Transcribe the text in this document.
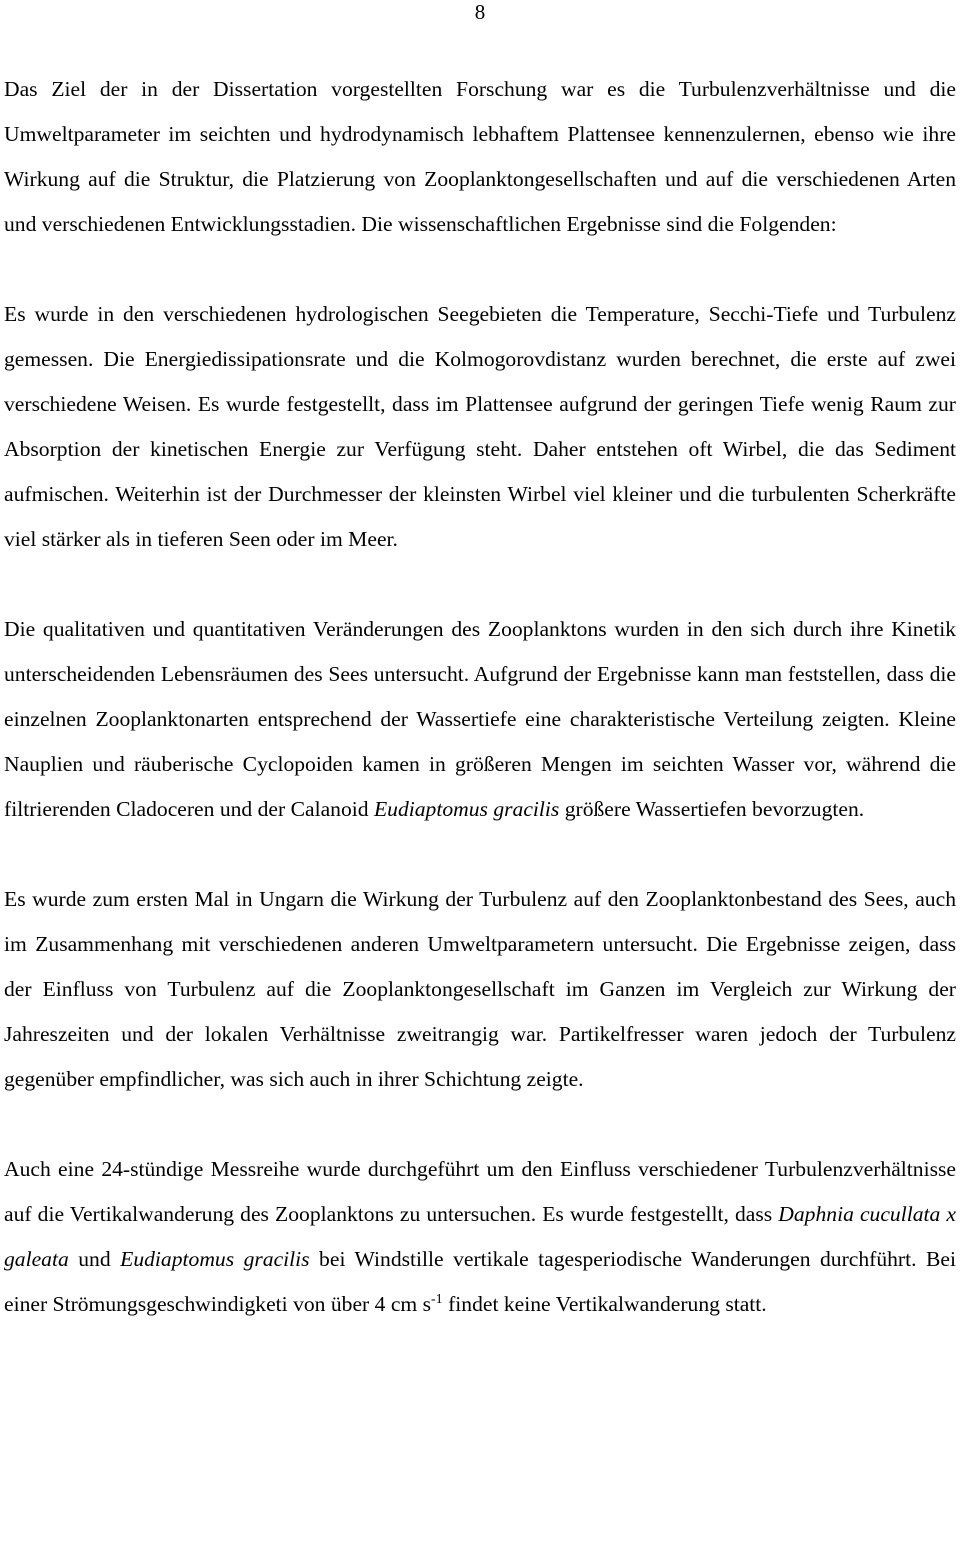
8

Das Ziel der in der Dissertation vorgestellten Forschung war es die Turbulenzverhältnisse und die Umweltparameter im seichten und hydrodynamisch lebhaftem Plattensee kennenzulernen, ebenso wie ihre Wirkung auf die Struktur, die Platzierung von Zooplanktongesellschaften und auf die verschiedenen Arten und verschiedenen Entwicklungsstadien. Die wissenschaftlichen Ergebnisse sind die Folgenden:

Es wurde in den verschiedenen hydrologischen Seegebieten die Temperature, Secchi-Tiefe und Turbulenz gemessen. Die Energiedissipationsrate und die Kolmogorovdistanz wurden berechnet, die erste auf zwei verschiedene Weisen. Es wurde festgestellt, dass im Plattensee aufgrund der geringen Tiefe wenig Raum zur Absorption der kinetischen Energie zur Verfügung steht. Daher entstehen oft Wirbel, die das Sediment aufmischen. Weiterhin ist der Durchmesser der kleinsten Wirbel viel kleiner und die turbulenten Scherkräfte viel stärker als in tieferen Seen oder im Meer.

Die qualitativen und quantitativen Veränderungen des Zooplanktons wurden in den sich durch ihre Kinetik unterscheidenden Lebensräumen des Sees untersucht. Aufgrund der Ergebnisse kann man feststellen, dass die einzelnen Zooplanktonarten entsprechend der Wassertiefe eine charakteristische Verteilung zeigten. Kleine Nauplien und räuberische Cyclopoiden kamen in größeren Mengen im seichten Wasser vor, während die filtrierenden Cladoceren und der Calanoid Eudiaptomus gracilis größere Wassertiefen bevorzugten.

Es wurde zum ersten Mal in Ungarn die Wirkung der Turbulenz auf den Zooplanktonbestand des Sees, auch im Zusammenhang mit verschiedenen anderen Umweltparametern untersucht. Die Ergebnisse zeigen, dass der Einfluss von Turbulenz auf die Zooplanktongesellschaft im Ganzen im Vergleich zur Wirkung der Jahreszeiten und der lokalen Verhältnisse zweitrangig war. Partikelfresser waren jedoch der Turbulenz gegenüber empfindlicher, was sich auch in ihrer Schichtung zeigte.

Auch eine 24-stündige Messreihe wurde durchgeführt um den Einfluss verschiedener Turbulenzverhältnisse auf die Vertikalwanderung des Zooplanktons zu untersuchen. Es wurde festgestellt, dass Daphnia cucullata x galeata und Eudiaptomus gracilis bei Windstille vertikale tagesperiodische Wanderungen durchführt. Bei einer Strömungsgeschwindigketi von über 4 cm $s^{-1}$ findet keine Vertikalwanderung statt.
